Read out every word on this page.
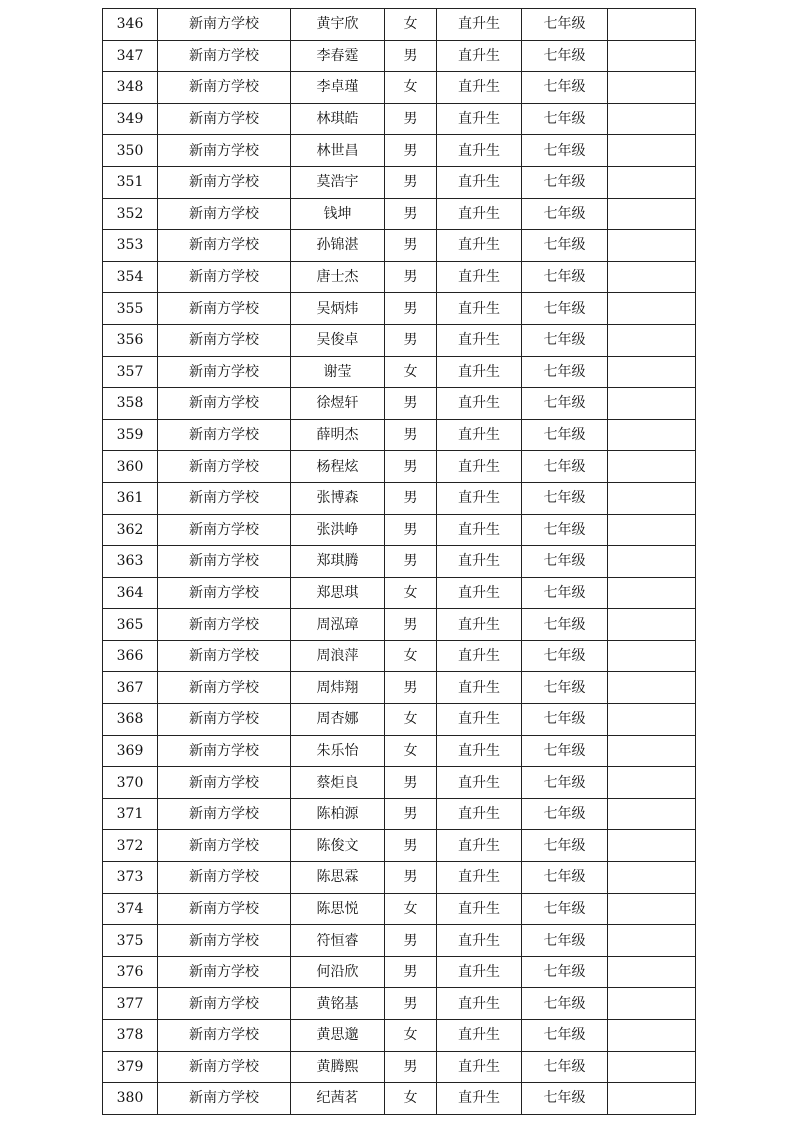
346	新南方学校	黄宇欣	女	直升生	七年级	
347	新南方学校	李春霆	男	直升生	七年级	
348	新南方学校	李卓瑾	女	直升生	七年级	
349	新南方学校	林琪皓	男	直升生	七年级	
350	新南方学校	林世昌	男	直升生	七年级	
351	新南方学校	莫浩宇	男	直升生	七年级	
352	新南方学校	钱坤	男	直升生	七年级	
353	新南方学校	孙锦湛	男	直升生	七年级	
354	新南方学校	唐士杰	男	直升生	七年级	
355	新南方学校	吴炳炜	男	直升生	七年级	
356	新南方学校	吴俊卓	男	直升生	七年级	
357	新南方学校	谢莹	女	直升生	七年级	
358	新南方学校	徐煜轩	男	直升生	七年级	
359	新南方学校	薛明杰	男	直升生	七年级	
360	新南方学校	杨程炫	男	直升生	七年级	
361	新南方学校	张博森	男	直升生	七年级	
362	新南方学校	张洪峥	男	直升生	七年级	
363	新南方学校	郑琪腾	男	直升生	七年级	
364	新南方学校	郑思琪	女	直升生	七年级	
365	新南方学校	周泓璋	男	直升生	七年级	
366	新南方学校	周浪萍	女	直升生	七年级	
367	新南方学校	周炜翔	男	直升生	七年级	
368	新南方学校	周杏娜	女	直升生	七年级	
369	新南方学校	朱乐怡	女	直升生	七年级	
370	新南方学校	蔡炬良	男	直升生	七年级	
371	新南方学校	陈柏源	男	直升生	七年级	
372	新南方学校	陈俊文	男	直升生	七年级	
373	新南方学校	陈思霖	男	直升生	七年级	
374	新南方学校	陈思悦	女	直升生	七年级	
375	新南方学校	符恒睿	男	直升生	七年级	
376	新南方学校	何沿欣	男	直升生	七年级	
377	新南方学校	黄铭基	男	直升生	七年级	
378	新南方学校	黄思邈	女	直升生	七年级	
379	新南方学校	黄腾熙	男	直升生	七年级	
380	新南方学校	纪茜茗	女	直升生	七年级	
